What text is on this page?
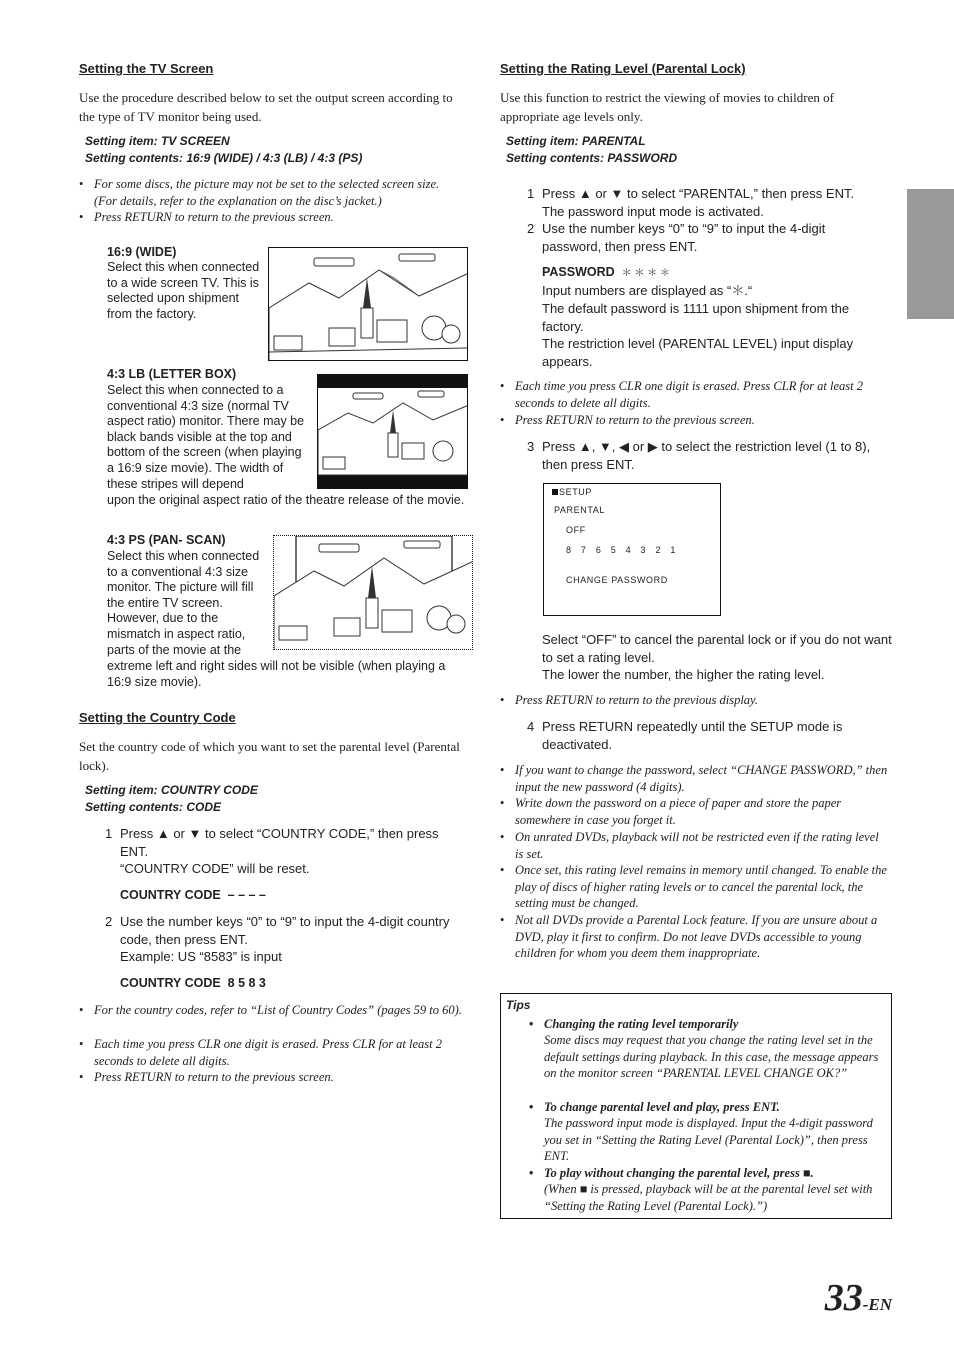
Setting the TV Screen
Use the procedure described below to set the output screen according to the type of TV monitor being used.
Setting item: TV SCREEN
Setting contents: 16:9 (WIDE) / 4:3 (LB) / 4:3 (PS)
• For some discs, the picture may not be set to the selected screen size. (For details, refer to the explanation on the disc’s jacket.)
• Press RETURN to return to the previous screen.
16:9 (WIDE)
Select this when connected to a wide screen TV. This is selected upon shipment from the factory.
4:3 LB (LETTER BOX)
Select this when connected to a conventional 4:3 size (normal TV aspect ratio) monitor. There may be black bands visible at the top and bottom of the screen (when playing a 16:9 size movie). The width of these stripes will depend
upon the original aspect ratio of the theatre release of the movie.
4:3 PS (PAN- SCAN)
Select this when connected to a conventional 4:3 size monitor. The picture will fill the entire TV screen. However, due to the mismatch in aspect ratio, parts of the movie at the
extreme left and right sides will not be visible (when playing a 16:9 size movie).
Setting the Country Code
Set the country code of which you want to set the parental level (Parental lock).
Setting item: COUNTRY CODE
Setting contents: CODE
1 Press ▲ or ▼ to select “COUNTRY CODE,” then press ENT.
“COUNTRY CODE” will be reset.
COUNTRY CODE – – – –
2 Use the number keys “0” to “9” to input the 4-digit country code, then press ENT.
Example: US “8583” is input
COUNTRY CODE 8 5 8 3
• For the country codes, refer to “List of Country Codes” (pages 59 to 60).
• Each time you press CLR one digit is erased. Press CLR for at least 2 seconds to delete all digits.
• Press RETURN to return to the previous screen.
Setting the Rating Level (Parental Lock)
Use this function to restrict the viewing of movies to children of appropriate age levels only.
Setting item: PARENTAL
Setting contents: PASSWORD
1 Press ▲ or ▼ to select “PARENTAL,” then press ENT.
The password input mode is activated.
2 Use the number keys “0” to “9” to input the 4-digit password, then press ENT.
PASSWORD ＊ ＊ ＊ ＊
Input numbers are displayed as “＊.“
The default password is 1111 upon shipment from the factory.
The restriction level (PARENTAL LEVEL) input display appears.
• Each time you press CLR one digit is erased. Press CLR for at least 2 seconds to delete all digits.
• Press RETURN to return to the previous screen.
3 Press ▲, ▼, ◀ or ▶ to select the restriction level (1 to 8), then press ENT.
Select “OFF” to cancel the parental lock or if you do not want to set a rating level.
The lower the number, the higher the rating level.
• Press RETURN to return to the previous display.
4 Press RETURN repeatedly until the SETUP mode is deactivated.
• If you want to change the password, select “CHANGE PASSWORD,” then input the new password (4 digits).
• Write down the password on a piece of paper and store the paper somewhere in case you forget it.
• On unrated DVDs, playback will not be restricted even if the rating level is set.
• Once set, this rating level remains in memory until changed. To enable the play of discs of higher rating levels or to cancel the parental lock, the setting must be changed.
• Not all DVDs provide a Parental Lock feature. If you are unsure about a DVD, play it first to confirm. Do not leave DVDs accessible to young children for whom you deem them inappropriate.
SETUP
PARENTAL
OFF
8   7   6   5   4   3   2   1
CHANGE PASSWORD
Tips
• Changing the rating level temporarily
Some discs may request that you change the rating level set in the default settings during playback. In this case, the message appears on the monitor screen “PARENTAL LEVEL CHANGE OK?”
• To change parental level and play, press ENT.
The password input mode is displayed. Input the 4-digit password you set in “Setting the Rating Level (Parental Lock)”, then press ENT.
• To play without changing the parental level, press ■.
(When ■ is pressed, playback will be at the parental level set with “Setting the Rating Level (Parental Lock).”)
33-EN
